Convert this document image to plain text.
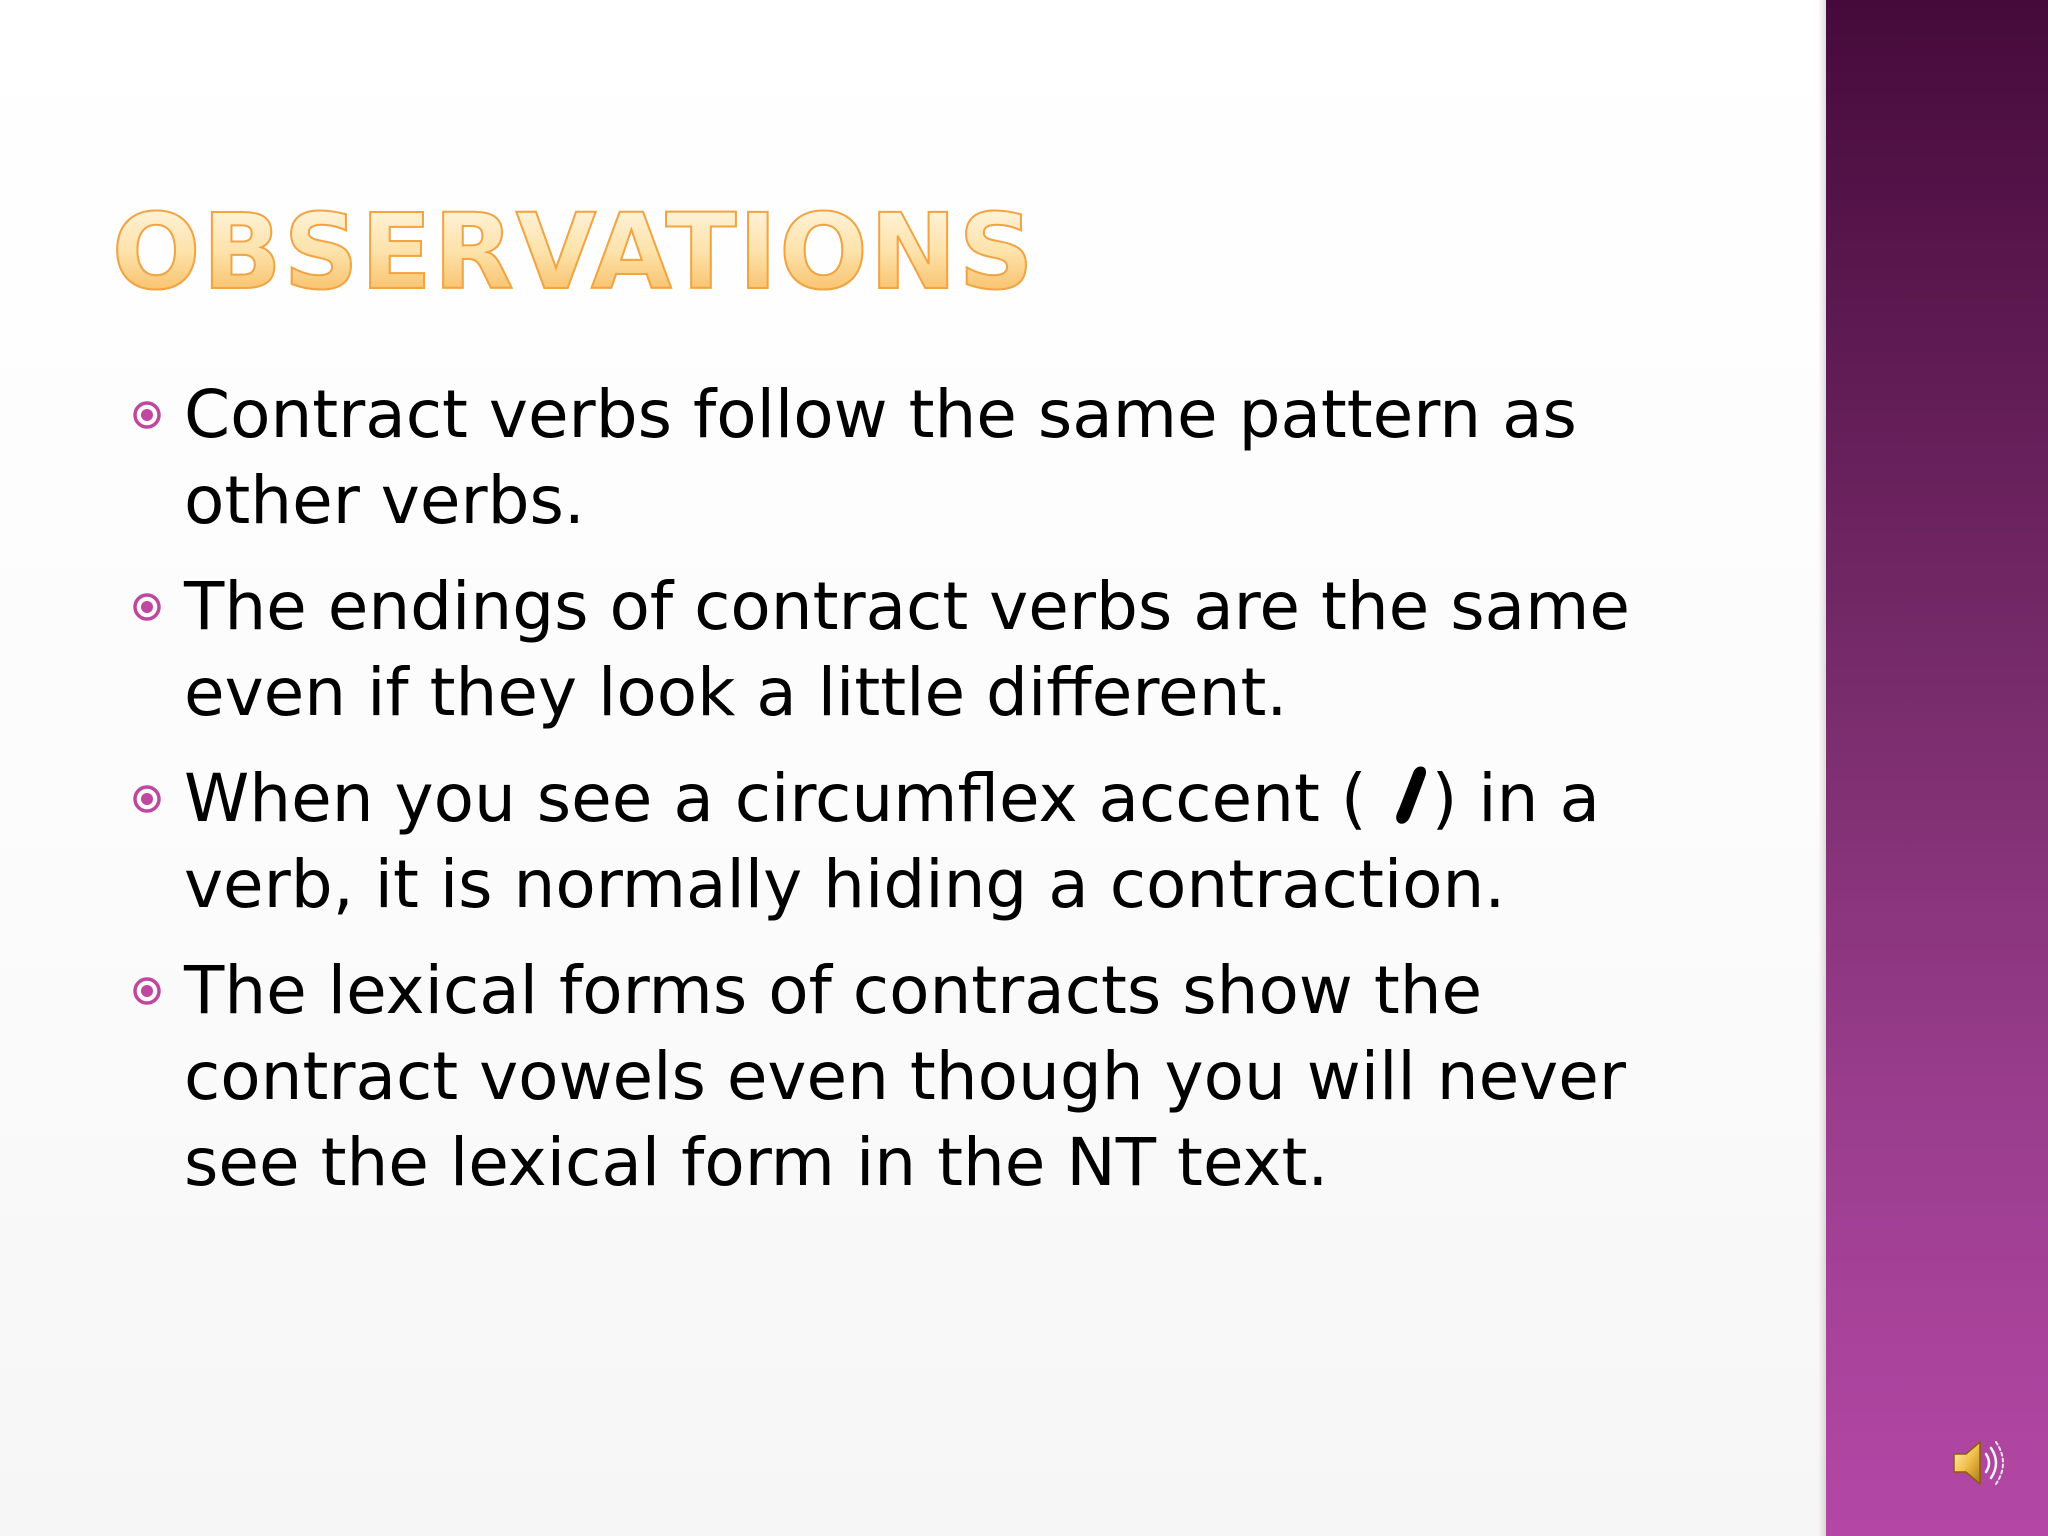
OBSERVATIONS
Contract verbs follow the same pattern as other verbs.
The endings of contract verbs are the same even if they look a little different.
When you see a circumflex accent ( ) in a verb, it is normally hiding a contraction.
The lexical forms of contracts show the contract vowels even though you will never see the lexical form in the NT text.
